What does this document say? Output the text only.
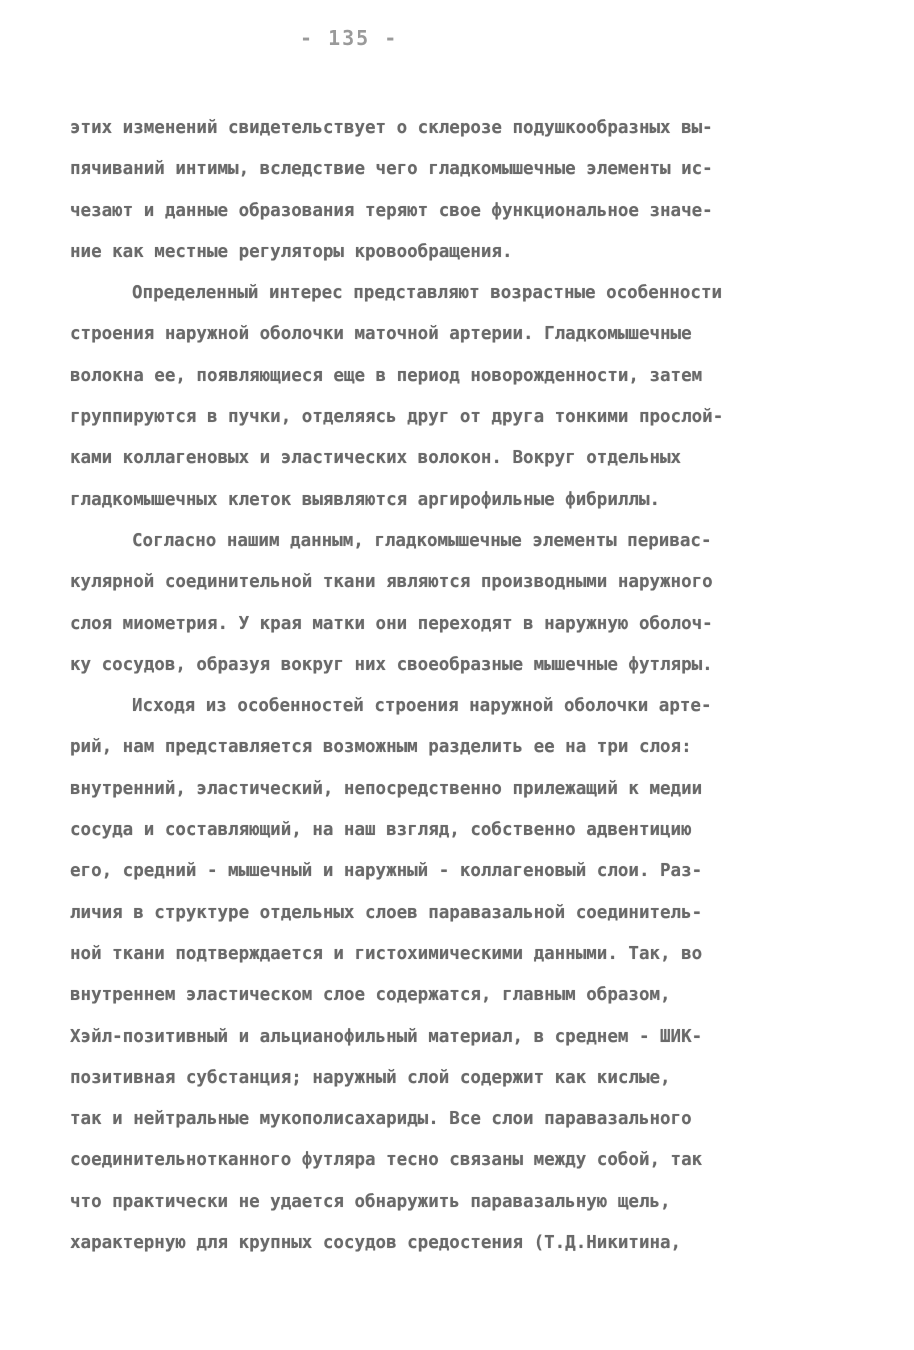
- 135 -
этих изменений свидетельствует о склерозе подушкообразных вы-
пячиваний интимы, вследствие чего гладкомышечные элементы ис-
чезают и данные образования теряют свое функциональное значе-
ние как местные регуляторы кровообращения.
Определенный интерес представляют возрастные особенности
строения наружной оболочки маточной артерии. Гладкомышечные
волокна ее, появляющиеся еще в период новорожденности, затем
группируются в пучки, отделяясь друг от друга тонкими прослой-
ками коллагеновых и эластических волокон. Вокруг отдельных
гладкомышечных клеток выявляются аргирофильные фибриллы.
Согласно нашим данным, гладкомышечные элементы перивас-
кулярной соединительной ткани являются производными наружного
слоя миометрия. У края матки они переходят в наружную оболоч-
ку сосудов, образуя вокруг них своеобразные мышечные футляры.
Исходя из особенностей строения наружной оболочки арте-
рий, нам представляется возможным разделить ее на три слоя:
внутренний, эластический, непосредственно прилежащий к медии
сосуда и составляющий, на наш взгляд, собственно адвентицию
его, средний - мышечный и наружный - коллагеновый слои. Раз-
личия в структуре отдельных слоев паравазальной соединитель-
ной ткани подтверждается и гистохимическими данными. Так, во
внутреннем эластическом слое содержатся, главным образом,
Хэйл-позитивный и альцианофильный материал, в среднем - ШИК-
позитивная субстанция; наружный слой содержит как кислые,
так и нейтральные мукополисахариды. Все слои паравазального
соединительнотканного футляра тесно связаны между собой, так
что практически не удается обнаружить паравазальную щель,
характерную для крупных сосудов средостения (Т.Д.Никитина,
